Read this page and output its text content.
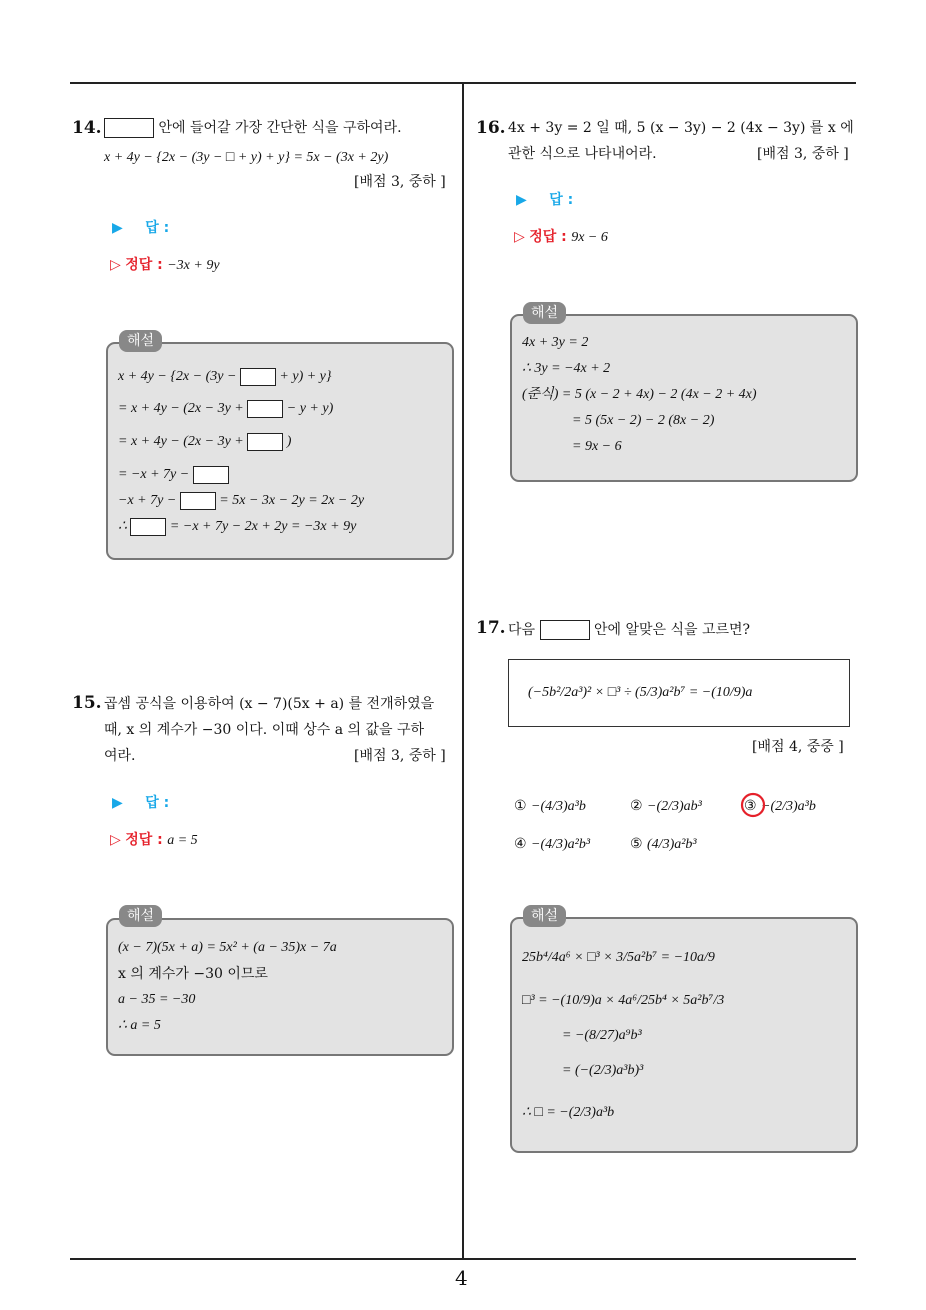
4
14.	안에 들어갈 가장 간단한 식을 구하여라.
x + 4y − {2x − (3y − □ + y) + y} = 5x − (3x + 2y)
[배점 3, 중하 ]
▶ 답 :
▷ 정답 : −3x + 9y
해설
x + 4y − {2x − (3y −	+ y) + y}
= x + 4y − (2x − 3y +	− y + y)
= x + 4y − (2x − 3y +	)
= −x + 7y −
−x + 7y −	= 5x − 3x − 2y = 2x − 2y
∴	= −x + 7y − 2x + 2y = −3x + 9y
15. 곱셈 공식을 이용하여 (x − 7)(5x + a) 를 전개하였을
때, x 의 계수가 −30 이다. 이때 상수 a 의 값을 구하
여라.	[배점 3, 중하 ]
▶ 답 :
▷ 정답 : a = 5
해설
(x − 7)(5x + a) = 5x² + (a − 35)x − 7a
x 의 계수가 −30 이므로
a − 35 = −30
∴ a = 5
16. 4x + 3y = 2 일 때, 5 (x − 3y) − 2 (4x − 3y) 를 x 에
관한 식으로 나타내어라.	[배점 3, 중하 ]
▶ 답 :
▷ 정답 : 9x − 6
해설
4x + 3y = 2
∴ 3y = −4x + 2
(준식) = 5 (x − 2 + 4x) − 2 (4x − 2 + 4x)
= 5 (5x − 2) − 2 (8x − 2)
= 9x − 6
17. 다음	안에 알맞은 식을 고르면?
(−5b²/2a³)² × □³ ÷ (5/3)a²b⁷ = −(10/9)a
[배점 4, 중중 ]
① −(4/3)a³b	② −(2/3)ab³	③ −(2/3)a³b
④ −(4/3)a²b³	⑤ (4/3)a²b³
해설
25b⁴/4a⁶ × □³ × 3/5a²b⁷ = −10a/9
□³ = −(10/9)a × 4a⁶/25b⁴ × 5a²b⁷/3
= −(8/27)a⁹b³
= (−(2/3)a³b)³
∴ □ = −(2/3)a³b
